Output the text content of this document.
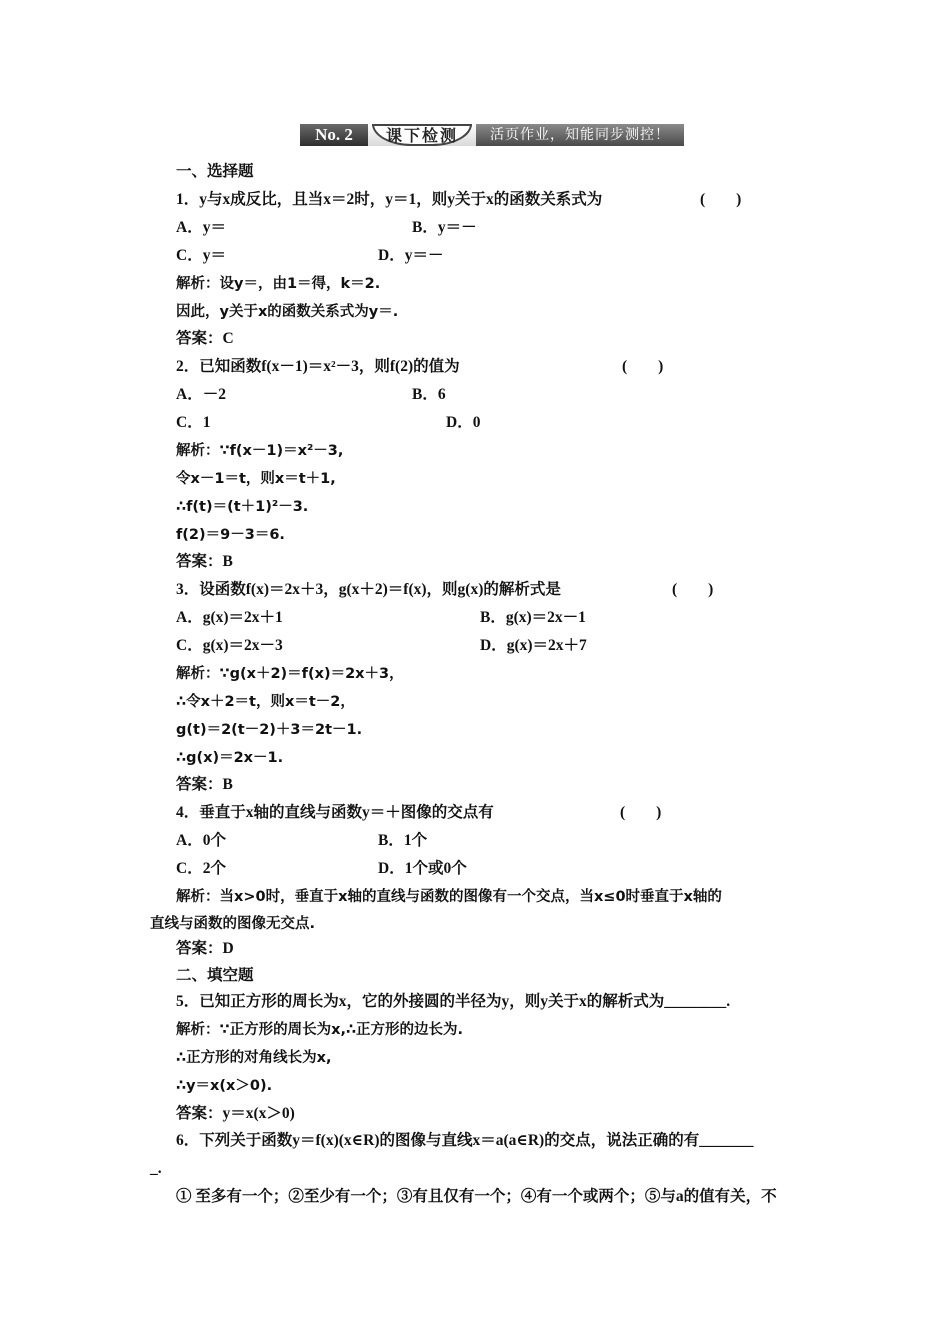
No. 2	课下检测	活页作业，知能同步测控！
一、选择题
1．y与x成反比，且当x＝2时，y＝1，则y关于x的函数关系式为	(　　)
A．y＝	B．y＝－
C．y＝	D．y＝－
解析：设y＝，由1＝得，k＝2.
因此，y关于x的函数关系式为y＝.
答案：C
2．已知函数f(x－1)＝x²－3，则f(2)的值为	(　　)
A．－2	B．6
C．1	D．0
解析：∵f(x－1)＝x²－3,
令x－1＝t，则x＝t＋1,
∴f(t)＝(t＋1)²－3.
f(2)＝9－3＝6.
答案：B
3．设函数f(x)＝2x＋3，g(x＋2)＝f(x)，则g(x)的解析式是	(　　)
A．g(x)＝2x＋1	B．g(x)＝2x－1
C．g(x)＝2x－3	D．g(x)＝2x＋7
解析：∵g(x＋2)＝f(x)＝2x＋3，
∴令x＋2＝t，则x＝t－2，
g(t)＝2(t－2)＋3＝2t－1.
∴g(x)＝2x－1.
答案：B
4．垂直于x轴的直线与函数y＝＋图像的交点有	(　　)
A．0个	B．1个
C．2个	D．1个或0个
解析：当x>0时，垂直于x轴的直线与函数的图像有一个交点，当x≤0时垂直于x轴的
直线与函数的图像无交点.
答案：D
二、填空题
5．已知正方形的周长为x，它的外接圆的半径为y，则y关于x的解析式为________.
解析：∵正方形的周长为x,∴正方形的边长为.
∴正方形的对角线长为x,
∴y＝x(x＞0).
答案：y＝x(x＞0)
6．下列关于函数y＝f(x)(x∈R)的图像与直线x＝a(a∈R)的交点，说法正确的有_______
_.
① 至多有一个；②至少有一个；③有且仅有一个；④有一个或两个；⑤与a的值有关，不
